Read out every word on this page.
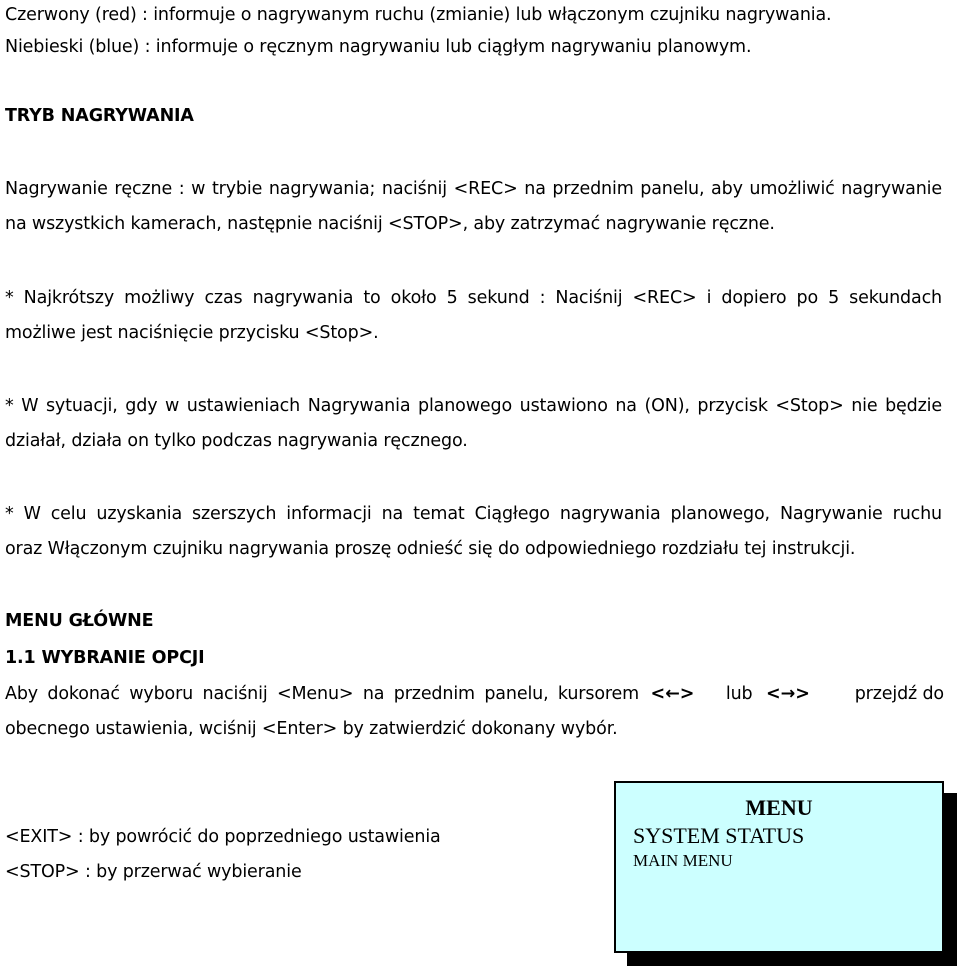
Czerwony (red) : informuje o nagrywanym ruchu (zmianie) lub włączonym czujniku nagrywania.
Niebieski (blue) : informuje o ręcznym nagrywaniu lub ciągłym nagrywaniu planowym.
TRYB NAGRYWANIA
Nagrywanie ręczne : w trybie nagrywania; naciśnij <REC> na przednim panelu, aby umożliwić nagrywanie
na wszystkich kamerach, następnie naciśnij <STOP>, aby zatrzymać nagrywanie ręczne.
* Najkrótszy możliwy czas nagrywania to około 5 sekund : Naciśnij <REC> i dopiero po 5 sekundach
możliwe jest naciśnięcie przycisku <Stop>.
* W sytuacji, gdy w ustawieniach Nagrywania planowego ustawiono na (ON), przycisk <Stop> nie będzie
działał, działa on tylko podczas nagrywania ręcznego.
* W celu uzyskania szerszych informacji na temat Ciągłego nagrywania planowego, Nagrywanie ruchu
oraz Włączonym czujniku nagrywania proszę odnieść się do odpowiedniego rozdziału tej instrukcji.
MENU GŁÓWNE
1.1 WYBRANIE OPCJI
Aby dokonać wyboru naciśnij <Menu> na przednim panelu, kursorem <←> lub <→>	przejdź do
obecnego ustawienia, wciśnij <Enter> by zatwierdzić dokonany wybór.
<EXIT> : by powrócić do poprzedniego ustawienia
<STOP> : by przerwać wybieranie
MENU
SYSTEM STATUS
MAIN MENU
